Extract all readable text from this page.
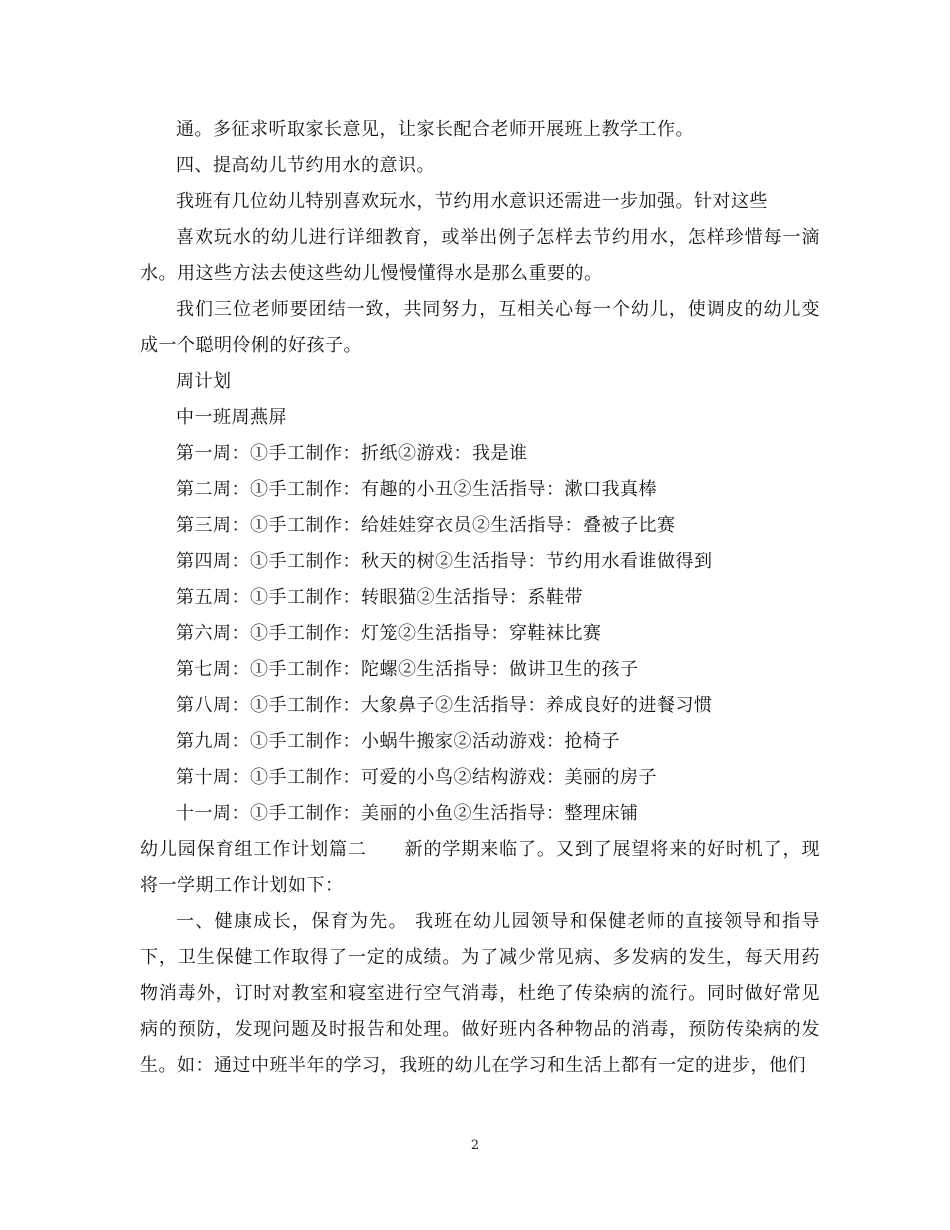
通。多征求听取家长意见，让家长配合老师开展班上教学工作。

四、提高幼儿节约用水的意识。

我班有几位幼儿特别喜欢玩水，节约用水意识还需进一步加强。针对这些

喜欢玩水的幼儿进行详细教育，或举出例子怎样去节约用水，怎样珍惜每一滴水。用这些方法去使这些幼儿慢慢懂得水是那么重要的。

我们三位老师要团结一致，共同努力，互相关心每一个幼儿，使调皮的幼儿变成一个聪明伶俐的好孩子。

周计划

中一班周燕屏

第一周：①手工制作：折纸②游戏：我是谁

第二周：①手工制作：有趣的小丑②生活指导：漱口我真棒

第三周：①手工制作：给娃娃穿衣员②生活指导：叠被子比赛

第四周：①手工制作：秋天的树②生活指导：节约用水看谁做得到

第五周：①手工制作：转眼猫②生活指导：系鞋带

第六周：①手工制作：灯笼②生活指导：穿鞋袜比赛

第七周：①手工制作：陀螺②生活指导：做讲卫生的孩子

第八周：①手工制作：大象鼻子②生活指导：养成良好的进餐习惯

第九周：①手工制作：小蜗牛搬家②活动游戏：抢椅子

第十周：①手工制作：可爱的小鸟②结构游戏：美丽的房子

十一周：①手工制作：美丽的小鱼②生活指导：整理床铺

幼儿园保育组工作计划篇二　　新的学期来临了。又到了展望将来的好时机了，现将一学期工作计划如下：

一、健康成长，保育为先。 我班在幼儿园领导和保健老师的直接领导和指导下，卫生保健工作取得了一定的成绩。为了减少常见病、多发病的发生，每天用药物消毒外，订时对教室和寝室进行空气消毒，杜绝了传染病的流行。同时做好常见病的预防，发现问题及时报告和处理。做好班内各种物品的消毒，预防传染病的发生。如：通过中班半年的学习，我班的幼儿在学习和生活上都有一定的进步，他们

2
